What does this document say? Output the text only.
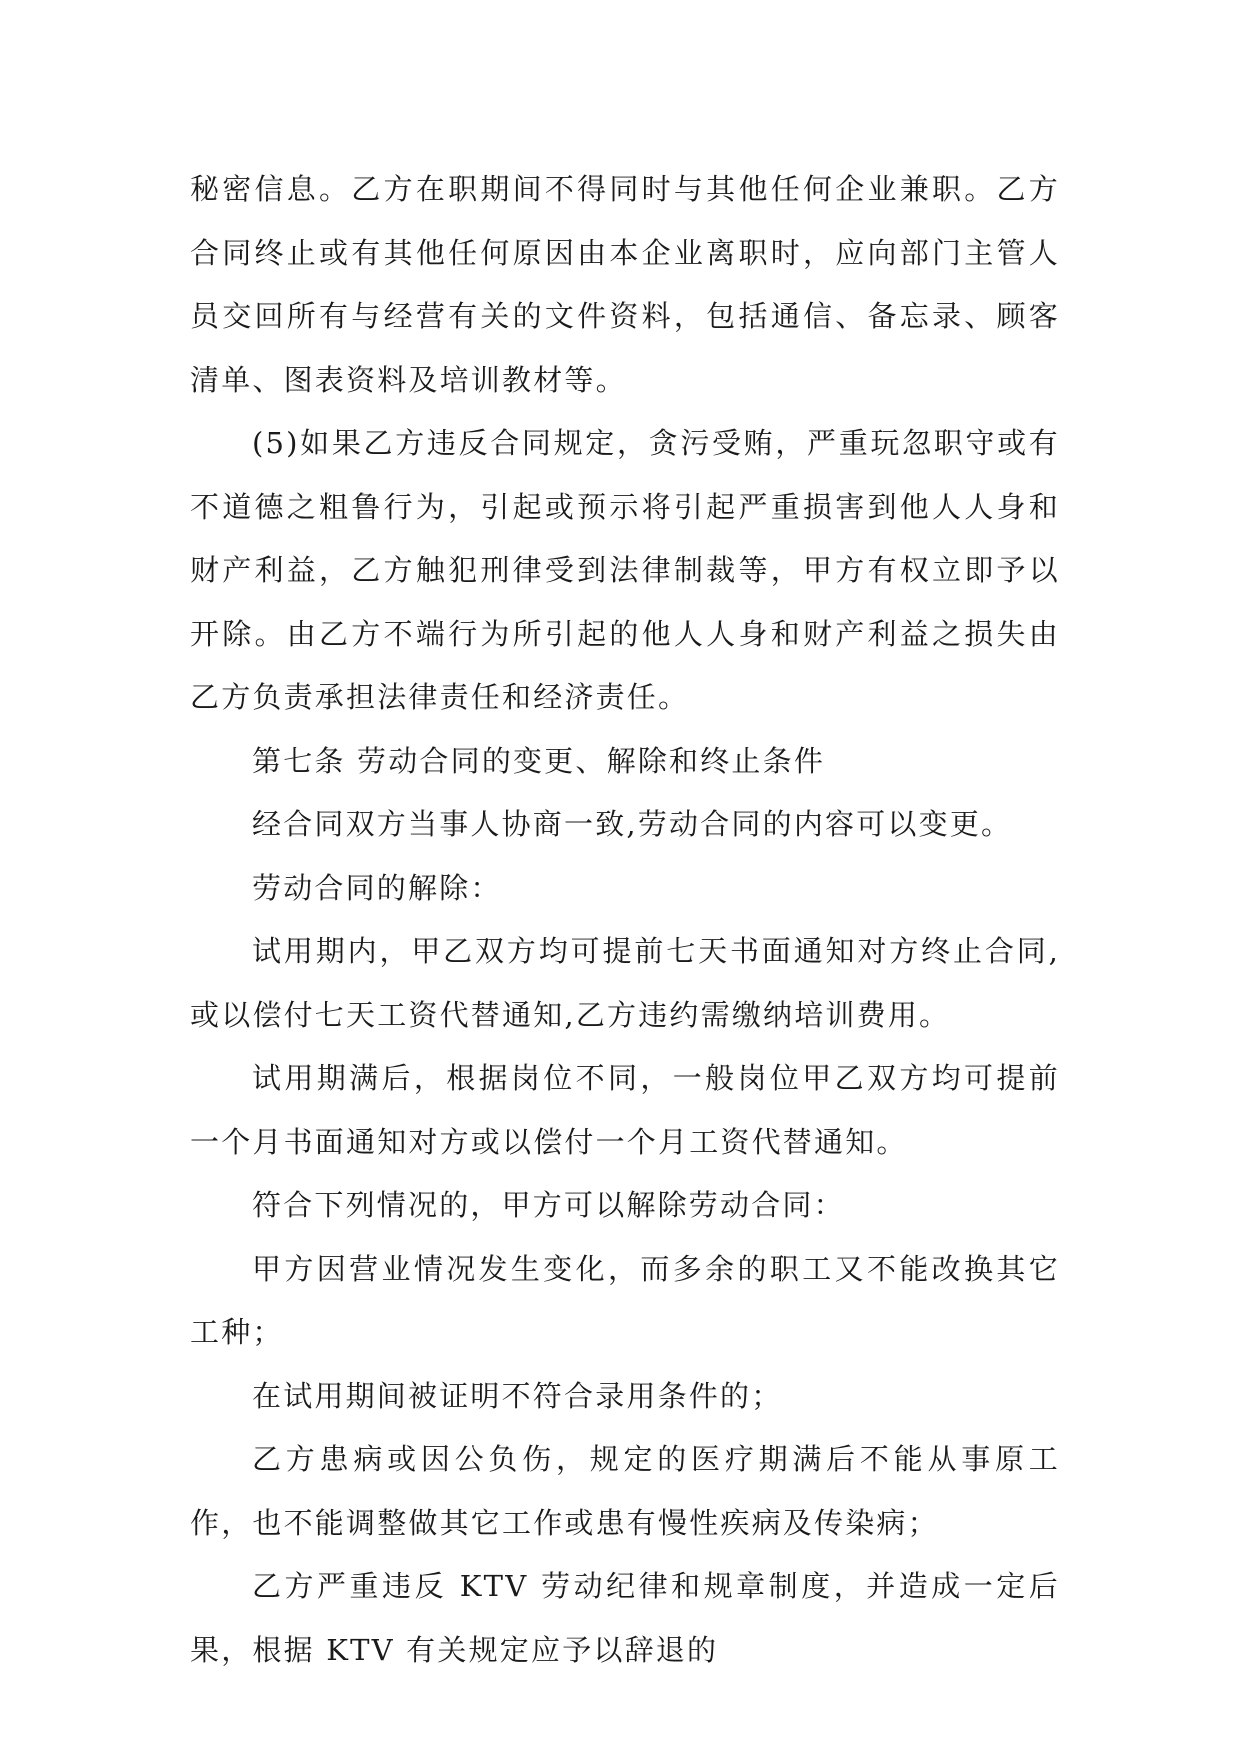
秘密信息。乙方在职期间不得同时与其他任何企业兼职。乙方合同终止或有其他任何原因由本企业离职时，应向部门主管人员交回所有与经营有关的文件资料，包括通信、备忘录、顾客清单、图表资料及培训教材等。

(5)如果乙方违反合同规定，贪污受贿，严重玩忽职守或有不道德之粗鲁行为，引起或预示将引起严重损害到他人人身和财产利益，乙方触犯刑律受到法律制裁等，甲方有权立即予以开除。由乙方不端行为所引起的他人人身和财产利益之损失由乙方负责承担法律责任和经济责任。

第七条 劳动合同的变更、解除和终止条件

经合同双方当事人协商一致,劳动合同的内容可以变更。

劳动合同的解除：

试用期内，甲乙双方均可提前七天书面通知对方终止合同,或以偿付七天工资代替通知,乙方违约需缴纳培训费用。

试用期满后，根据岗位不同，一般岗位甲乙双方均可提前一个月书面通知对方或以偿付一个月工资代替通知。

符合下列情况的，甲方可以解除劳动合同：

甲方因营业情况发生变化，而多余的职工又不能改换其它工种；

在试用期间被证明不符合录用条件的；

乙方患病或因公负伤，规定的医疗期满后不能从事原工作，也不能调整做其它工作或患有慢性疾病及传染病；

乙方严重违反 KTV 劳动纪律和规章制度，并造成一定后果，根据 KTV 有关规定应予以辞退的
